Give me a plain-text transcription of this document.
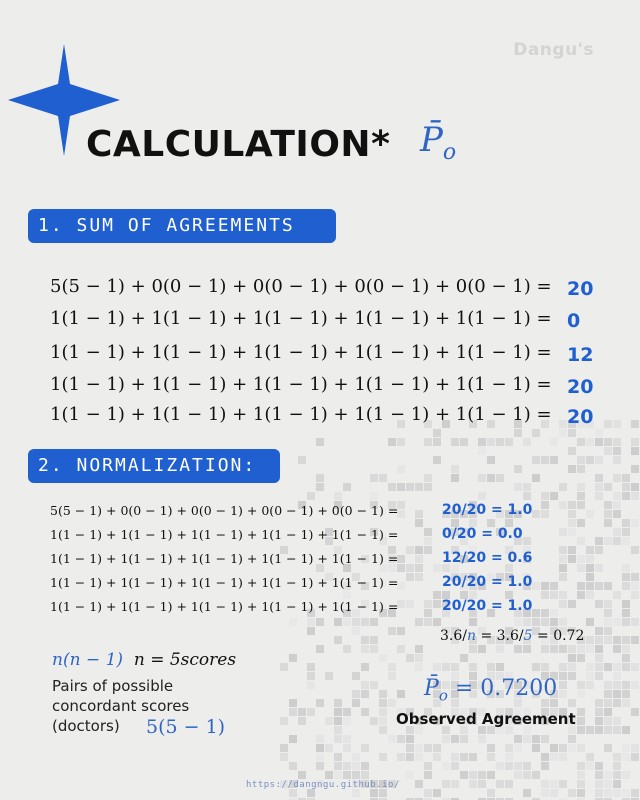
Dangu's
CALCULATION* $P̄_o$
1. SUM OF AGREEMENTS
5(5 − 1) + 0(0 − 1) + 0(0 − 1) + 0(0 − 1) + 0(0 − 1) = 20
1(1 − 1) + 1(1 − 1) + 1(1 − 1) + 1(1 − 1) + 1(1 − 1) = 0
1(1 − 1) + 1(1 − 1) + 1(1 − 1) + 1(1 − 1) + 1(1 − 1) = 12
1(1 − 1) + 1(1 − 1) + 1(1 − 1) + 1(1 − 1) + 1(1 − 1) = 20
1(1 − 1) + 1(1 − 1) + 1(1 − 1) + 1(1 − 1) + 1(1 − 1) = 20
2. NORMALIZATION:
5(5 − 1) + 0(0 − 1) + 0(0 − 1) + 0(0 − 1) + 0(0 − 1) =	20/20 = 1.0
1(1 − 1) + 1(1 − 1) + 1(1 − 1) + 1(1 − 1) + 1(1 − 1) =	0/20 = 0.0
1(1 − 1) + 1(1 − 1) + 1(1 − 1) + 1(1 − 1) + 1(1 − 1) =	12/20 = 0.6
1(1 − 1) + 1(1 − 1) + 1(1 − 1) + 1(1 − 1) + 1(1 − 1) =	20/20 = 1.0
1(1 − 1) + 1(1 − 1) + 1(1 − 1) + 1(1 − 1) + 1(1 − 1) =	20/20 = 1.0
3.6/n = 3.6/5 = 0.72
n(n − 1) n = 5scores
Pairs of possible concordant scores (doctors)	5(5 − 1)
$P̄_o = 0.7200$
Observed Agreement
https://dangngu.github.io/
